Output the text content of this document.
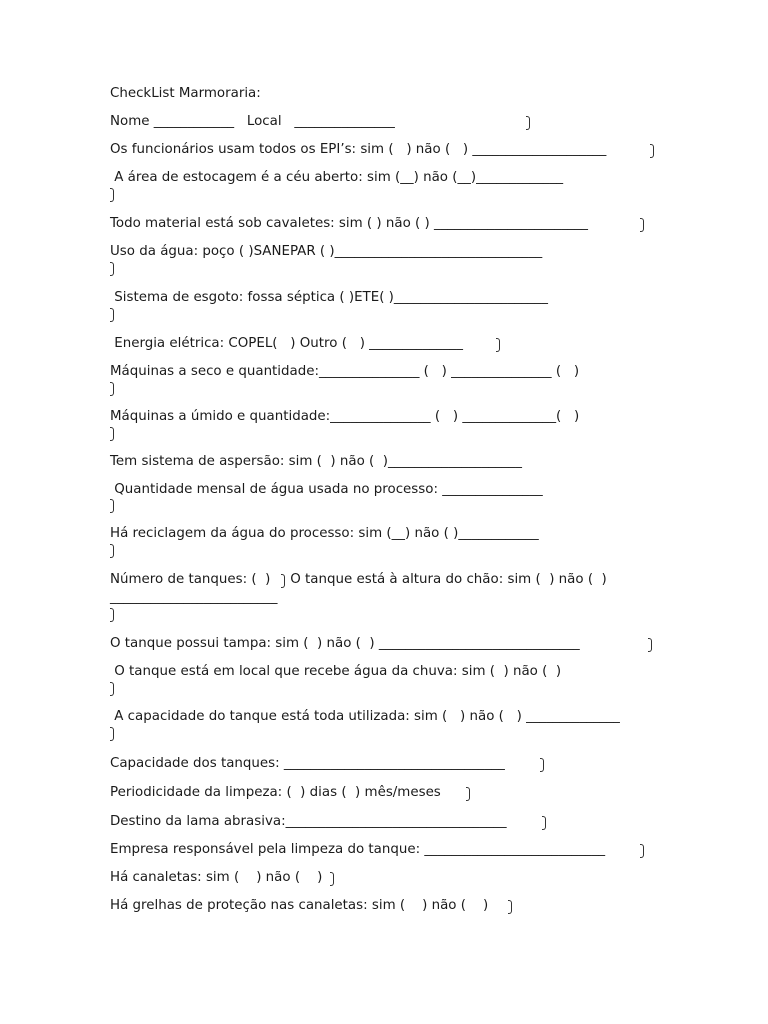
CheckList Marmoraria:

Nome ____________   Local   _______________

Os funcionários usam todos os EPI’s: sim (   ) não (   ) ____________________

A área de estocagem é a céu aberto: sim (__) não (__)_____________

Todo material está sob cavaletes: sim ( ) não ( ) _______________________

Uso da água: poço ( )SANEPAR ( )_______________________________

Sistema de esgoto: fossa séptica ( )ETE( )_______________________

Energia elétrica: COPEL(   ) Outro (   ) ______________

Máquinas a seco e quantidade:_______________ (   ) _______________ (   )

Máquinas a úmido e quantidade:_______________ (   ) ______________(   )

Tem sistema de aspersão: sim (  ) não (  )____________________

Quantidade mensal de água usada no processo: _______________

Há reciclagem da água do processo: sim (__) não ( )____________

Número de tanques: (  ) O tanque está à altura do chão: sim (  ) não (  )

_________________________

O tanque possui tampa: sim (  ) não (  ) ______________________________

O tanque está em local que recebe água da chuva: sim (  ) não (  )

A capacidade do tanque está toda utilizada: sim (   ) não (   ) ______________

Capacidade dos tanques: _________________________________

Periodicidade da limpeza: (  ) dias (  ) mês/meses

Destino da lama abrasiva:_________________________________

Empresa responsável pela limpeza do tanque: ___________________________

Há canaletas: sim (    ) não (    )

Há grelhas de proteção nas canaletas: sim (    ) não (    )
